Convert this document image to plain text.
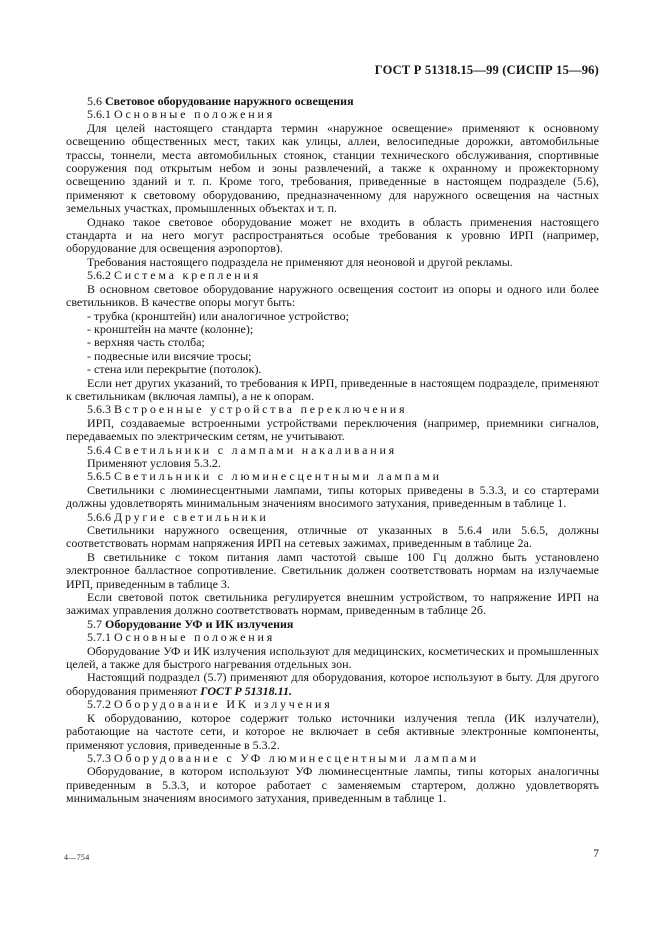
ГОСТ Р 51318.15—99 (СИСПР 15—96)

5.6 Световое оборудование наружного освещения

5.6.1 Основные положения

Для целей настоящего стандарта термин «наружное освещение» применяют к основному освещению общественных мест, таких как улицы, аллеи, велосипедные дорожки, автомобильные трассы, тоннели, места автомобильных стоянок, станции технического обслуживания, спортивные сооружения под открытым небом и зоны развлечений, а также к охранному и прожекторному освещению зданий и т. п. Кроме того, требования, приведенные в настоящем подразделе (5.6), применяют к световому оборудованию, предназначенному для наружного освещения на частных земельных участках, промышленных объектах и т. п.

Однако такое световое оборудование может не входить в область применения настоящего стандарта и на него могут распространяться особые требования к уровню ИРП (например, оборудование для освещения аэропортов).

Требования настоящего подраздела не применяют для неоновой и другой рекламы.

5.6.2 Система крепления

В основном световое оборудование наружного освещения состоит из опоры и одного или более светильников. В качестве опоры могут быть:

- трубка (кронштейн) или аналогичное устройство;

- кронштейн на мачте (колонне);

- верхняя часть столба;

- подвесные или висячие тросы;

- стена или перекрытие (потолок).

Если нет других указаний, то требования к ИРП, приведенные в настоящем подразделе, применяют к светильникам (включая лампы), а не к опорам.

5.6.3 Встроенные устройства переключения

ИРП, создаваемые встроенными устройствами переключения (например, приемники сигналов, передаваемых по электрическим сетям, не учитывают.

5.6.4 Светильники с лампами накаливания

Применяют условия 5.3.2.

5.6.5 Светильники с люминесцентными лампами

Светильники с люминесцентными лампами, типы которых приведены в 5.3.3, и со стартерами должны удовлетворять минимальным значениям вносимого затухания, приведенным в таблице 1.

5.6.6 Другие светильники

Светильники наружного освещения, отличные от указанных в 5.6.4 или 5.6.5, должны соответствовать нормам напряжения ИРП на сетевых зажимах, приведенным в таблице 2а.

В светильнике с током питания ламп частотой свыше 100 Гц должно быть установлено электронное балластное сопротивление. Светильник должен соответствовать нормам на излучаемые ИРП, приведенным в таблице 3.

Если световой поток светильника регулируется внешним устройством, то напряжение ИРП на зажимах управления должно соответствовать нормам, приведенным в таблице 2б.

5.7 Оборудование УФ и ИК излучения

5.7.1 Основные положения

Оборудование УФ и ИК излучения используют для медицинских, косметических и промышленных целей, а также для быстрого нагревания отдельных зон.

Настоящий подраздел (5.7) применяют для оборудования, которое используют в быту. Для другого оборудования применяют ГОСТ Р 51318.11.

5.7.2 Оборудование ИК излучения

К оборудованию, которое содержит только источники излучения тепла (ИК излучатели), работающие на частоте сети, и которое не включает в себя активные электронные компоненты, применяют условия, приведенные в 5.3.2.

5.7.3 Оборудование с УФ люминесцентными лампами

Оборудование, в котором используют УФ люминесцентные лампы, типы которых аналогичны приведенным в 5.3.3, и которое работает с заменяемым стартером, должно удовлетворять минимальным значениям вносимого затухания, приведенным в таблице 1.

4—754	7
